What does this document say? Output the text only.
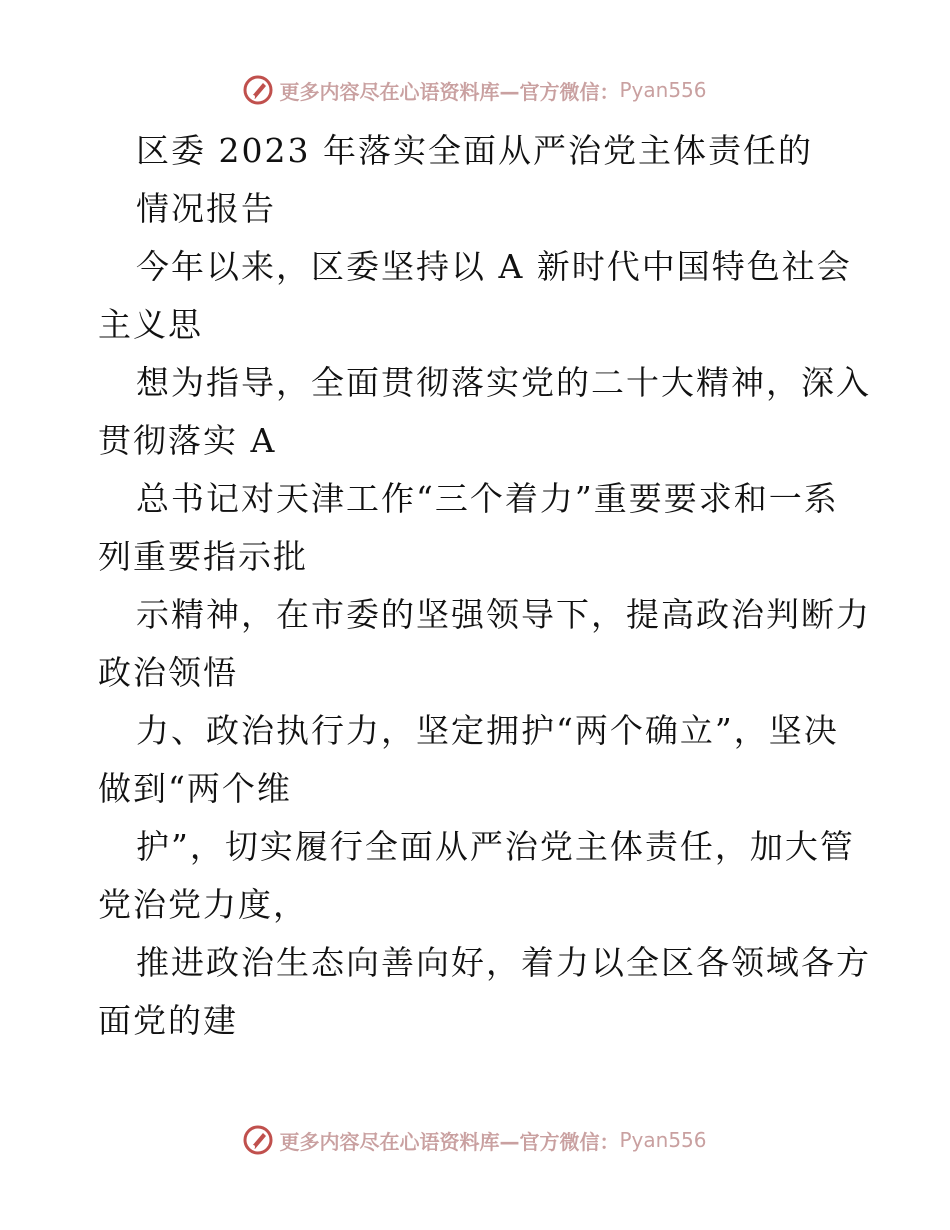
更多内容尽在心语资料库—官方微信： Pyan556
区委 2023 年落实全面从严治党主体责任的
情况报告
今年以来，区委坚持以 A 新时代中国特色社会
主义思
想为指导，全面贯彻落实党的二十大精神，深入
贯彻落实 A
总书记对天津工作“三个着力”重要要求和一系
列重要指示批
示精神，在市委的坚强领导下，提高政治判断力
政治领悟
力、政治执行力，坚定拥护“两个确立”，坚决
做到“两个维
护”，切实履行全面从严治党主体责任，加大管
党治党力度，
推进政治生态向善向好，着力以全区各领域各方
面党的建
更多内容尽在心语资料库—官方微信： Pyan556
